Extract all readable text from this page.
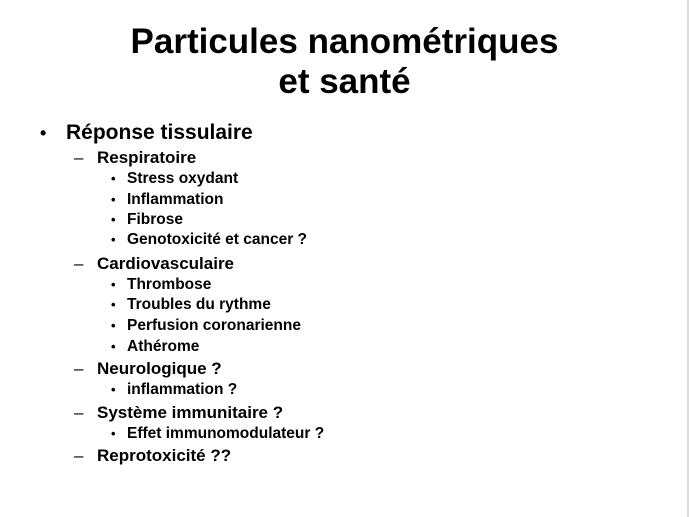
Particules nanométriques
et santé
• Réponse tissulaire
– Respiratoire
• Stress oxydant
• Inflammation
• Fibrose
• Genotoxicité et cancer ?
– Cardiovasculaire
• Thrombose
• Troubles du rythme
• Perfusion coronarienne
• Athérome
– Neurologique ?
• inflammation ?
– Système immunitaire ?
• Effet immunomodulateur ?
– Reprotoxicité ??
